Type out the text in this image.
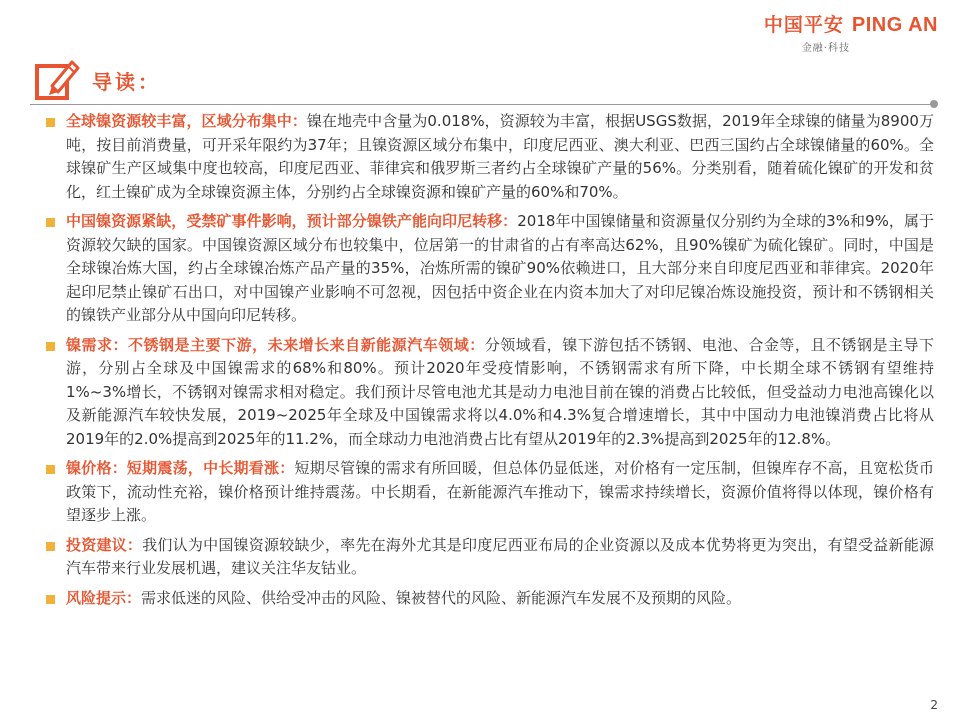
中国平安 PING AN
金融·科技
导读：
全球镍资源较丰富，区域分布集中：镍在地壳中含量为0.018%，资源较为丰富，根据USGS数据，2019年全球镍的储量为8900万吨，按目前消费量，可开采年限约为37年；且镍资源区域分布集中，印度尼西亚、澳大利亚、巴西三国约占全球镍储量的60%。全球镍矿生产区域集中度也较高，印度尼西亚、菲律宾和俄罗斯三者约占全球镍矿产量的56%。分类别看，随着硫化镍矿的开发和贫化，红土镍矿成为全球镍资源主体，分别约占全球镍资源和镍矿产量的60%和70%。
中国镍资源紧缺，受禁矿事件影响，预计部分镍铁产能向印尼转移：2018年中国镍储量和资源量仅分别约为全球的3%和9%，属于资源较欠缺的国家。中国镍资源区域分布也较集中，位居第一的甘肃省的占有率高达62%，且90%镍矿为硫化镍矿。同时，中国是全球镍冶炼大国，约占全球镍冶炼产品产量的35%，冶炼所需的镍矿90%依赖进口，且大部分来自印度尼西亚和菲律宾。2020年起印尼禁止镍矿石出口，对中国镍产业影响不可忽视，因包括中资企业在内资本加大了对印尼镍冶炼设施投资，预计和不锈钢相关的镍铁产业部分从中国向印尼转移。
镍需求：不锈钢是主要下游，未来增长来自新能源汽车领域：分领域看，镍下游包括不锈钢、电池、合金等，且不锈钢是主导下游，分别占全球及中国镍需求的68%和80%。预计2020年受疫情影响，不锈钢需求有所下降，中长期全球不锈钢有望维持1%~3%增长，不锈钢对镍需求相对稳定。我们预计尽管电池尤其是动力电池目前在镍的消费占比较低，但受益动力电池高镍化以及新能源汽车较快发展，2019~2025年全球及中国镍需求将以4.0%和4.3%复合增速增长，其中中国动力电池镍消费占比将从2019年的2.0%提高到2025年的11.2%，而全球动力电池消费占比有望从2019年的2.3%提高到2025年的12.8%。
镍价格：短期震荡，中长期看涨：短期尽管镍的需求有所回暖，但总体仍显低迷，对价格有一定压制，但镍库存不高，且宽松货币政策下，流动性充裕，镍价格预计维持震荡。中长期看，在新能源汽车推动下，镍需求持续增长，资源价值将得以体现，镍价格有望逐步上涨。
投资建议：我们认为中国镍资源较缺少，率先在海外尤其是印度尼西亚布局的企业资源以及成本优势将更为突出，有望受益新能源汽车带来行业发展机遇，建议关注华友钴业。
风险提示：需求低迷的风险、供给受冲击的风险、镍被替代的风险、新能源汽车发展不及预期的风险。
2
